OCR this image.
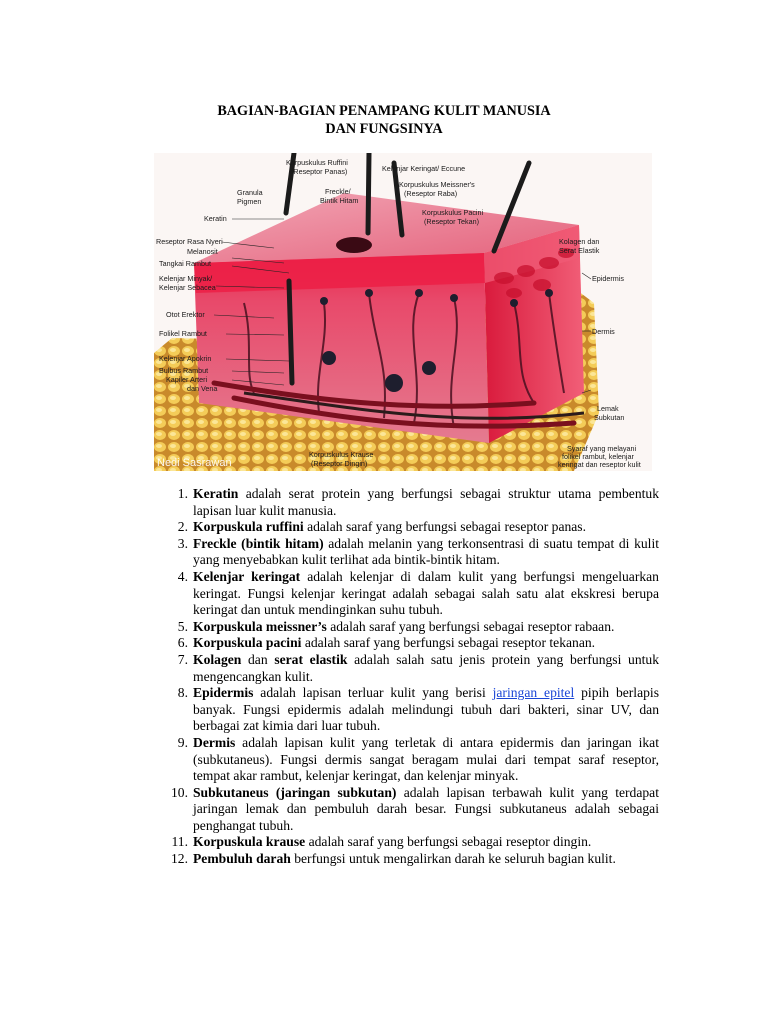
BAGIAN-BAGIAN PENAMPANG KULIT MANUSIA
DAN FUNGSINYA
Korpuskulus Ruffini
(Reseptor Panas)	Kelenjar Keringat/ Eccune
Granula
Pigmen
Freckle/
Bintik Hitam
Korpuskulus Meissner's
(Reseptor Raba)
Keratin
Korpuskulus Pacini
(Reseptor Tekan)
Kolagen dan
Serat Elastik
Reseptor Rasa Nyeri
Melanosit
Tangkai Rambut
Epidermis
Kelenjar Minyak/
Kelenjar Sebacea
Otot Erektor
Dermis
Folikel Rambut
Kelenjar Apokrin
Bulbus Rambut
Kapiler Arteri
dan Vena
Lemak
Subkutan
Nedi Sasrawan
Korpuskulus Krause
(Reseptor Dingin)
Syaraf yang melayani
folikel rambut, kelenjar
keringat dan reseptor kulit
1. Keratin adalah serat protein yang berfungsi sebagai struktur utama pembentuk lapisan luar kulit manusia.
2. Korpuskula ruffini adalah saraf yang berfungsi sebagai reseptor panas.
3. Freckle (bintik hitam) adalah melanin yang terkonsentrasi di suatu tempat di kulit yang menyebabkan kulit terlihat ada bintik-bintik hitam.
4. Kelenjar keringat adalah kelenjar di dalam kulit yang berfungsi mengeluarkan keringat. Fungsi kelenjar keringat adalah sebagai salah satu alat ekskresi berupa keringat dan untuk mendinginkan suhu tubuh.
5. Korpuskula meissner’s adalah saraf yang berfungsi sebagai reseptor rabaan.
6. Korpuskula pacini adalah saraf yang berfungsi sebagai reseptor tekanan.
7. Kolagen dan serat elastik adalah salah satu jenis protein yang berfungsi untuk mengencangkan kulit.
8. Epidermis adalah lapisan terluar kulit yang berisi jaringan epitel pipih berlapis banyak. Fungsi epidermis adalah melindungi tubuh dari bakteri, sinar UV, dan berbagai zat kimia dari luar tubuh.
9. Dermis adalah lapisan kulit yang terletak di antara epidermis dan jaringan ikat (subkutaneus). Fungsi dermis sangat beragam mulai dari tempat saraf reseptor, tempat akar rambut, kelenjar keringat, dan kelenjar minyak.
10. Subkutaneus (jaringan subkutan) adalah lapisan terbawah kulit yang terdapat jaringan lemak dan pembuluh darah besar. Fungsi subkutaneus adalah sebagai penghangat tubuh.
11. Korpuskula krause adalah saraf yang berfungsi sebagai reseptor dingin.
12. Pembuluh darah berfungsi untuk mengalirkan darah ke seluruh bagian kulit.
